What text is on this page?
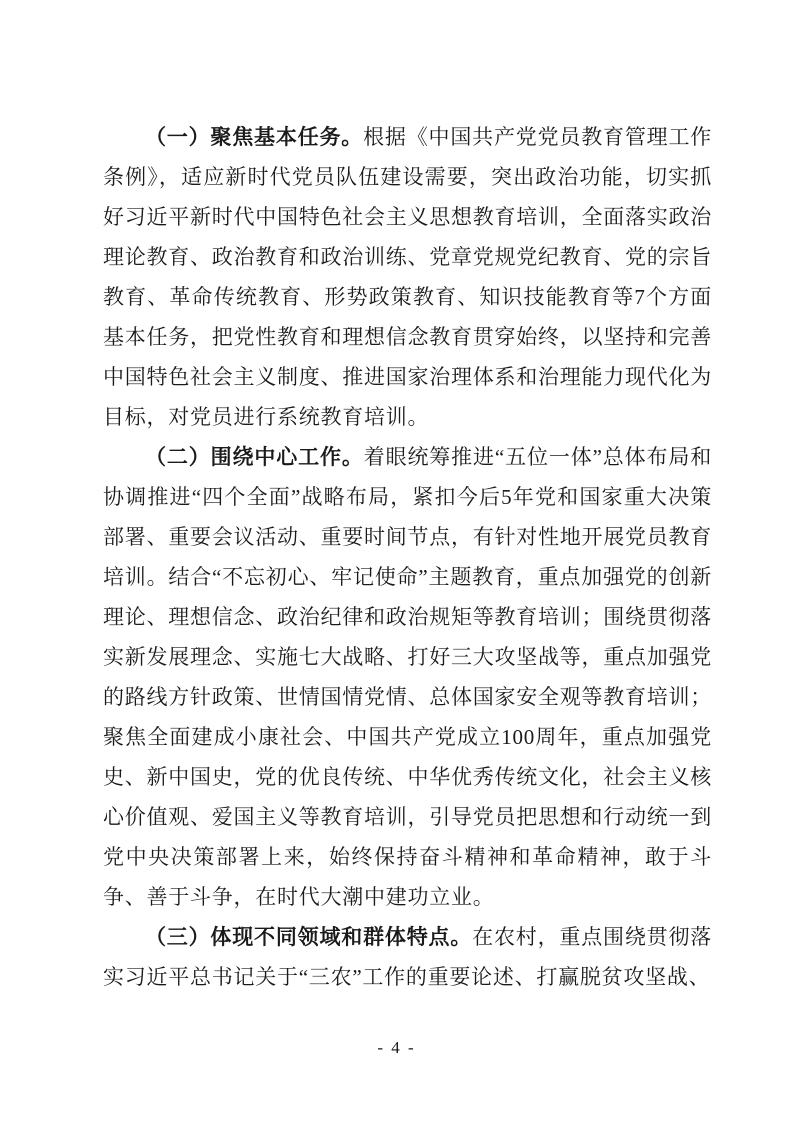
（一）聚焦基本任务。根据《中国共产党党员教育管理工作条例》，适应新时代党员队伍建设需要，突出政治功能，切实抓好习近平新时代中国特色社会主义思想教育培训，全面落实政治理论教育、政治教育和政治训练、党章党规党纪教育、党的宗旨教育、革命传统教育、形势政策教育、知识技能教育等7个方面基本任务，把党性教育和理想信念教育贯穿始终，以坚持和完善中国特色社会主义制度、推进国家治理体系和治理能力现代化为目标，对党员进行系统教育培训。

（二）围绕中心工作。着眼统筹推进“五位一体”总体布局和协调推进“四个全面”战略布局，紧扣今后5年党和国家重大决策部署、重要会议活动、重要时间节点，有针对性地开展党员教育培训。结合“不忘初心、牢记使命”主题教育，重点加强党的创新理论、理想信念、政治纪律和政治规矩等教育培训；围绕贯彻落实新发展理念、实施七大战略、打好三大攻坚战等，重点加强党的路线方针政策、世情国情党情、总体国家安全观等教育培训；聚焦全面建成小康社会、中国共产党成立100周年，重点加强党史、新中国史，党的优良传统、中华优秀传统文化，社会主义核心价值观、爱国主义等教育培训，引导党员把思想和行动统一到党中央决策部署上来，始终保持奋斗精神和革命精神，敢于斗争、善于斗争，在时代大潮中建功立业。

（三）体现不同领域和群体特点。在农村，重点围绕贯彻落实习近平总书记关于“三农”工作的重要论述、打赢脱贫攻坚战、

- 4 -
